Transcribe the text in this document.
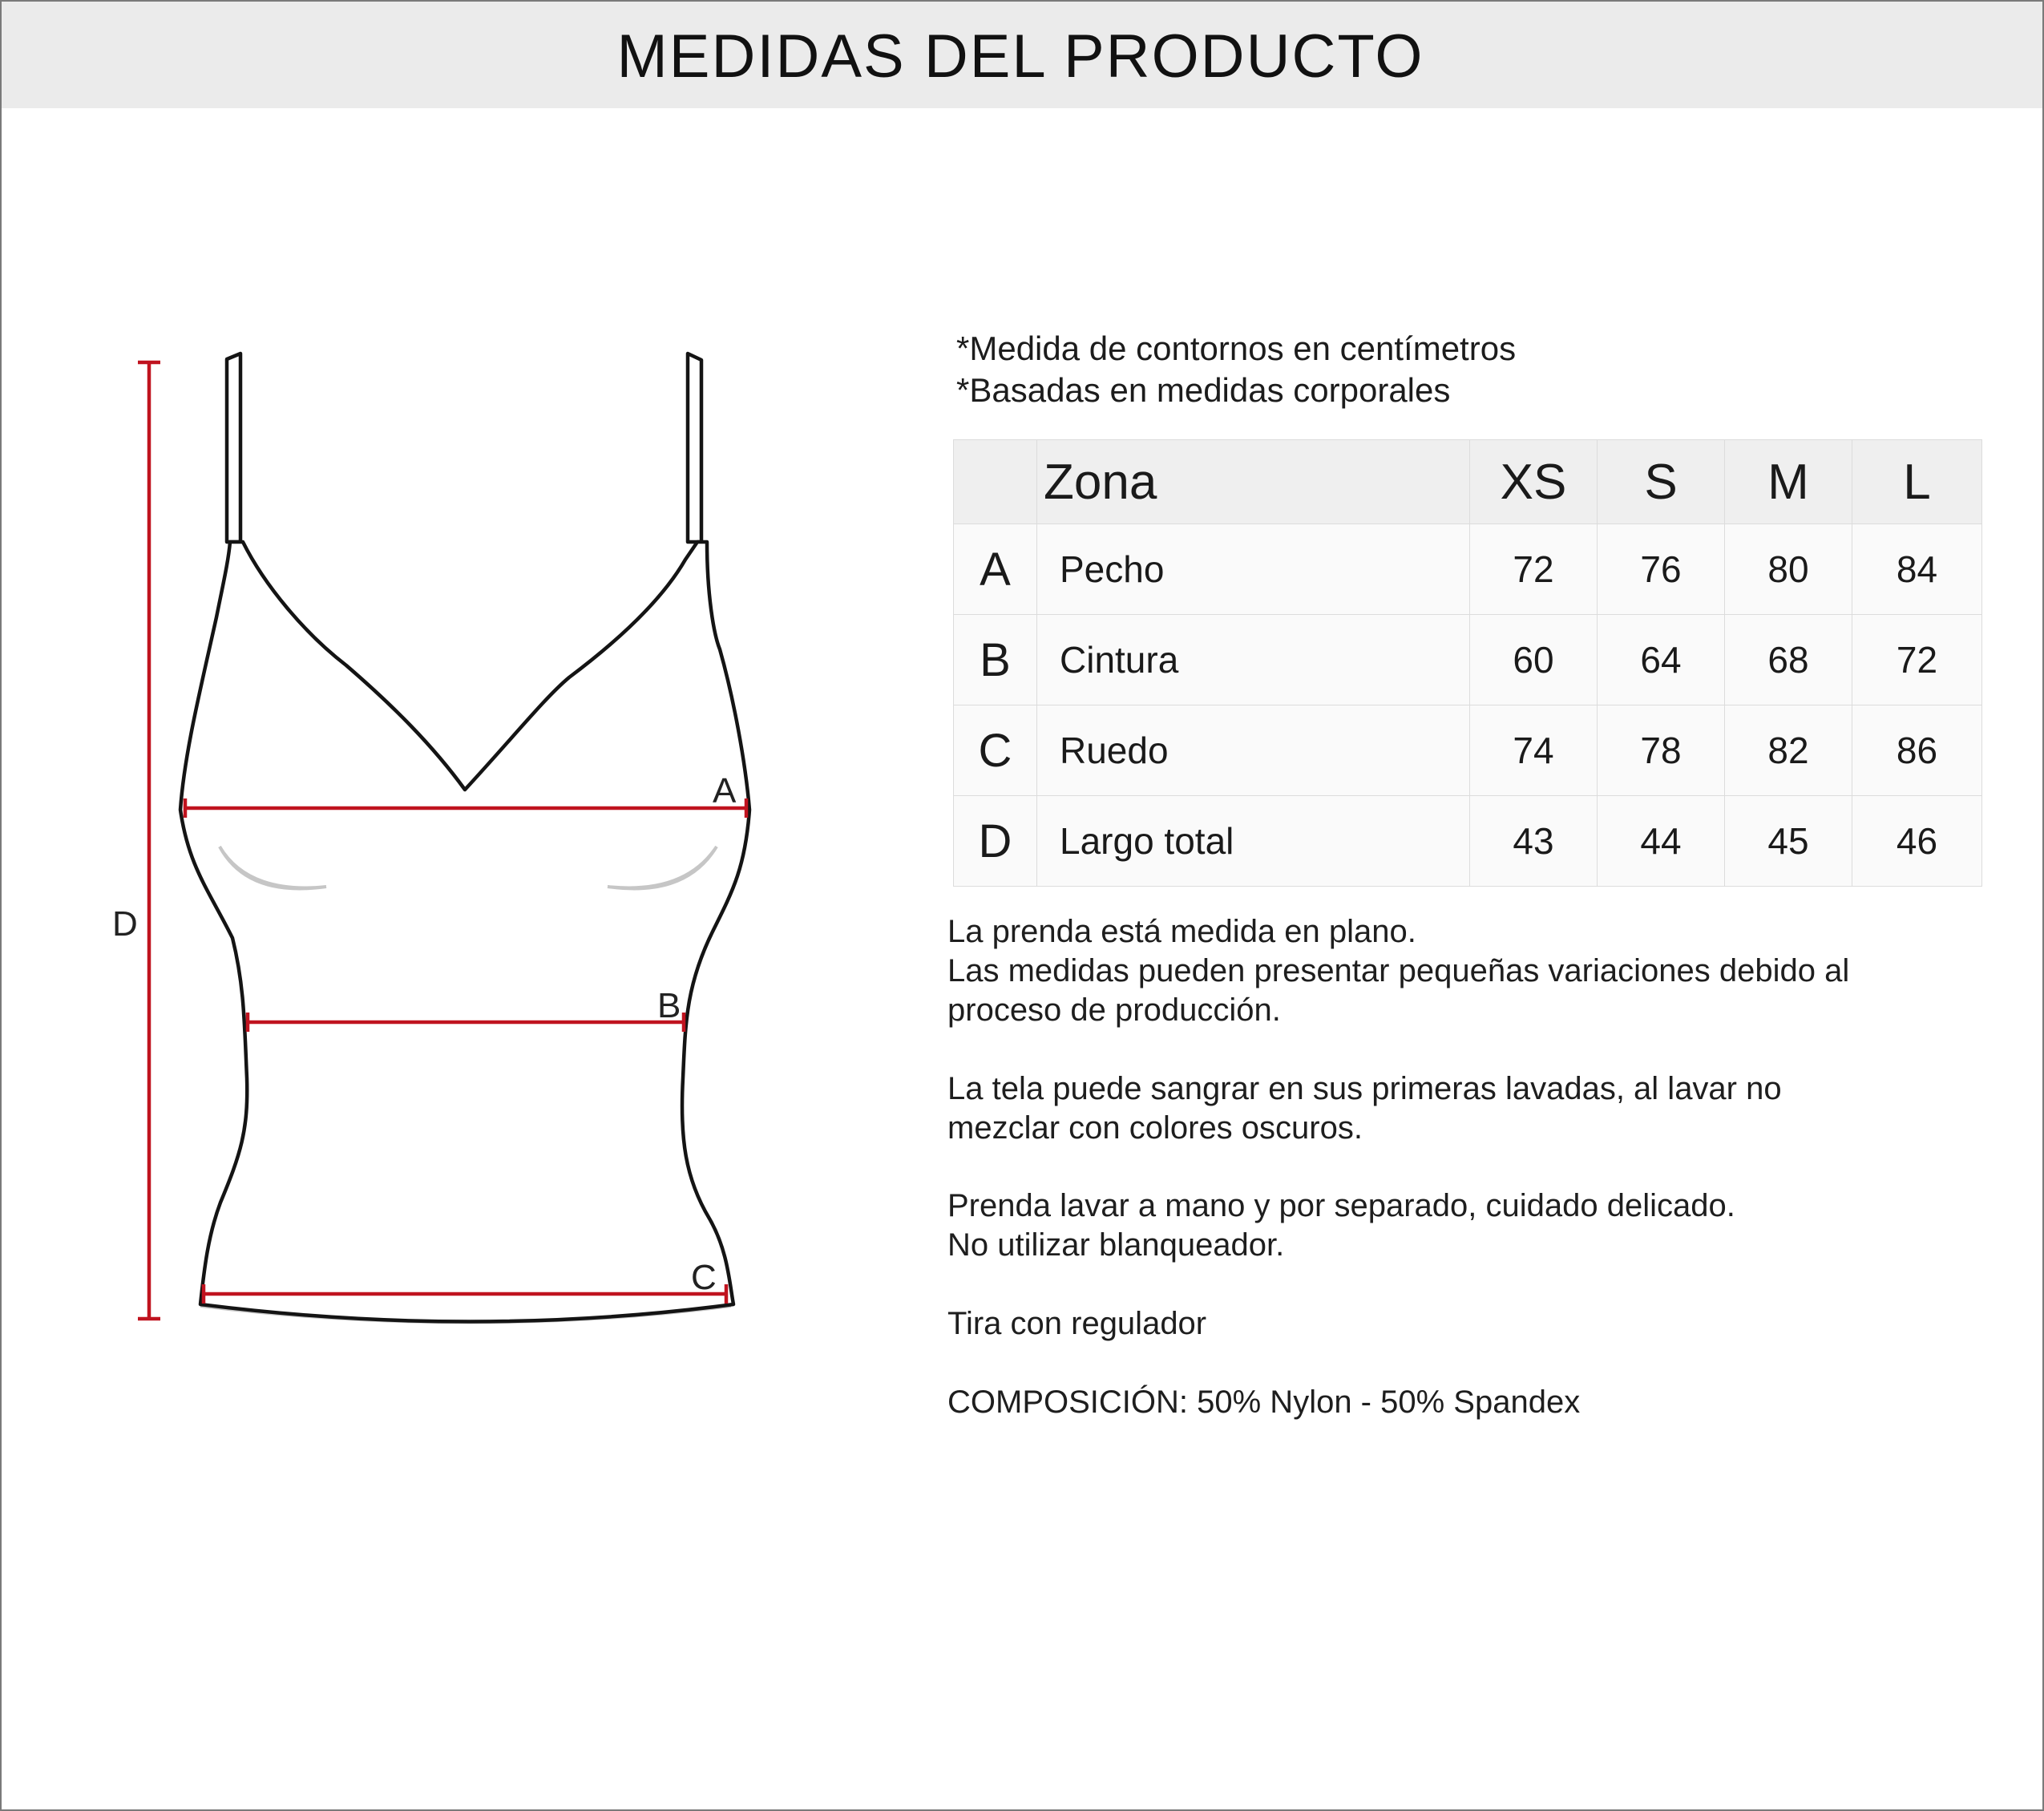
MEDIDAS DEL PRODUCTO
A
B
C
D
*Medida de contornos en centímetros
*Basadas en medidas corporales
	Zona	XS	S	M	L
A	Pecho	72	76	80	84
B	Cintura	60	64	68	72
C	Ruedo	74	78	82	86
D	Largo total	43	44	45	46

La prenda está medida en plano.

Las medidas pueden presentar pequeñas variaciones debido al

proceso de producción.

La tela puede sangrar en sus primeras lavadas, al lavar no

mezclar con colores oscuros.

Prenda lavar a mano y por separado, cuidado delicado.

No utilizar blanqueador.

Tira con regulador
COMPOSICIÓN: 50% Nylon - 50% Spandex
